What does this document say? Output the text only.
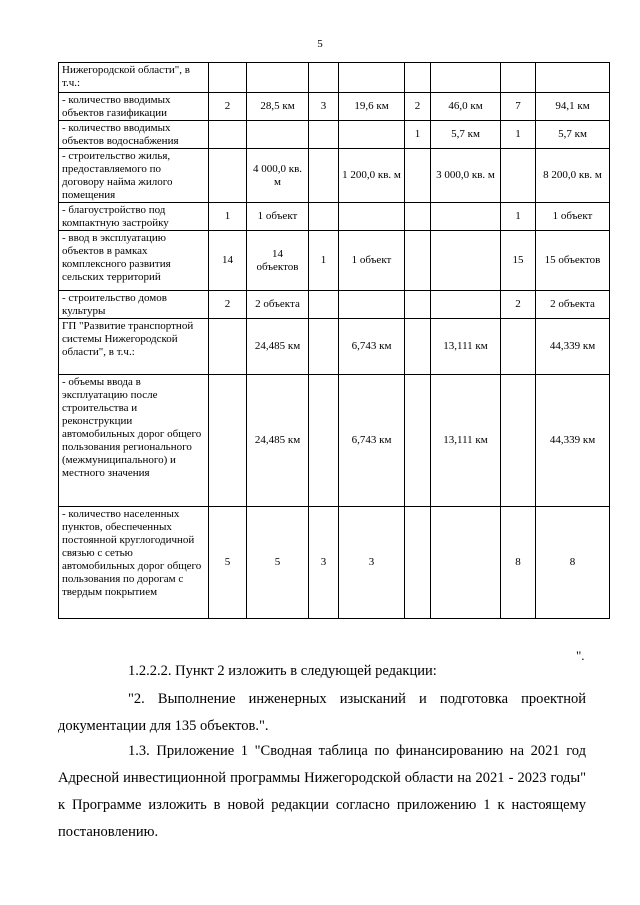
5
Нижегородской области", в т.ч.:								
- количество вводимых объектов газификации	2	28,5 км	3	19,6 км	2	46,0 км	7	94,1 км
- количество вводимых объектов водоснабжения					1	5,7 км	1	5,7 км
- строительство жилья, предоставляемого по договору найма жилого помещения		4 000,0 кв. м		1 200,0 кв. м		3 000,0 кв. м		8 200,0 кв. м
- благоустройство под компактную застройку	1	1 объект					1	1 объект
- ввод в эксплуатацию объектов в рамках комплексного развития сельских территорий	14	14 объектов	1	1 объект			15	15 объектов
- строительство домов культуры	2	2 объекта					2	2 объекта
ГП "Развитие транспортной системы Нижегородской области", в т.ч.:		24,485 км		6,743 км		13,111 км		44,339 км
- объемы ввода в эксплуатацию после строительства и реконструкции автомобильных дорог общего пользования регионального (межмуниципального) и местного значения		24,485 км		6,743 км		13,111 км		44,339 км
- количество населенных пунктов, обеспеченных постоянной круглогодичной связью с сетью автомобильных дорог общего пользования по дорогам с твердым покрытием	5	5	3	3			8	8
".
1.2.2.2. Пункт 2 изложить в следующей редакции:
"2. Выполнение инженерных изысканий и подготовка проектной документации для 135 объектов.".
1.3. Приложение 1 "Сводная таблица по финансированию на 2021 год Адресной инвестиционной программы Нижегородской области на 2021 - 2023 годы" к Программе изложить в новой редакции согласно приложению 1 к настоящему постановлению.
